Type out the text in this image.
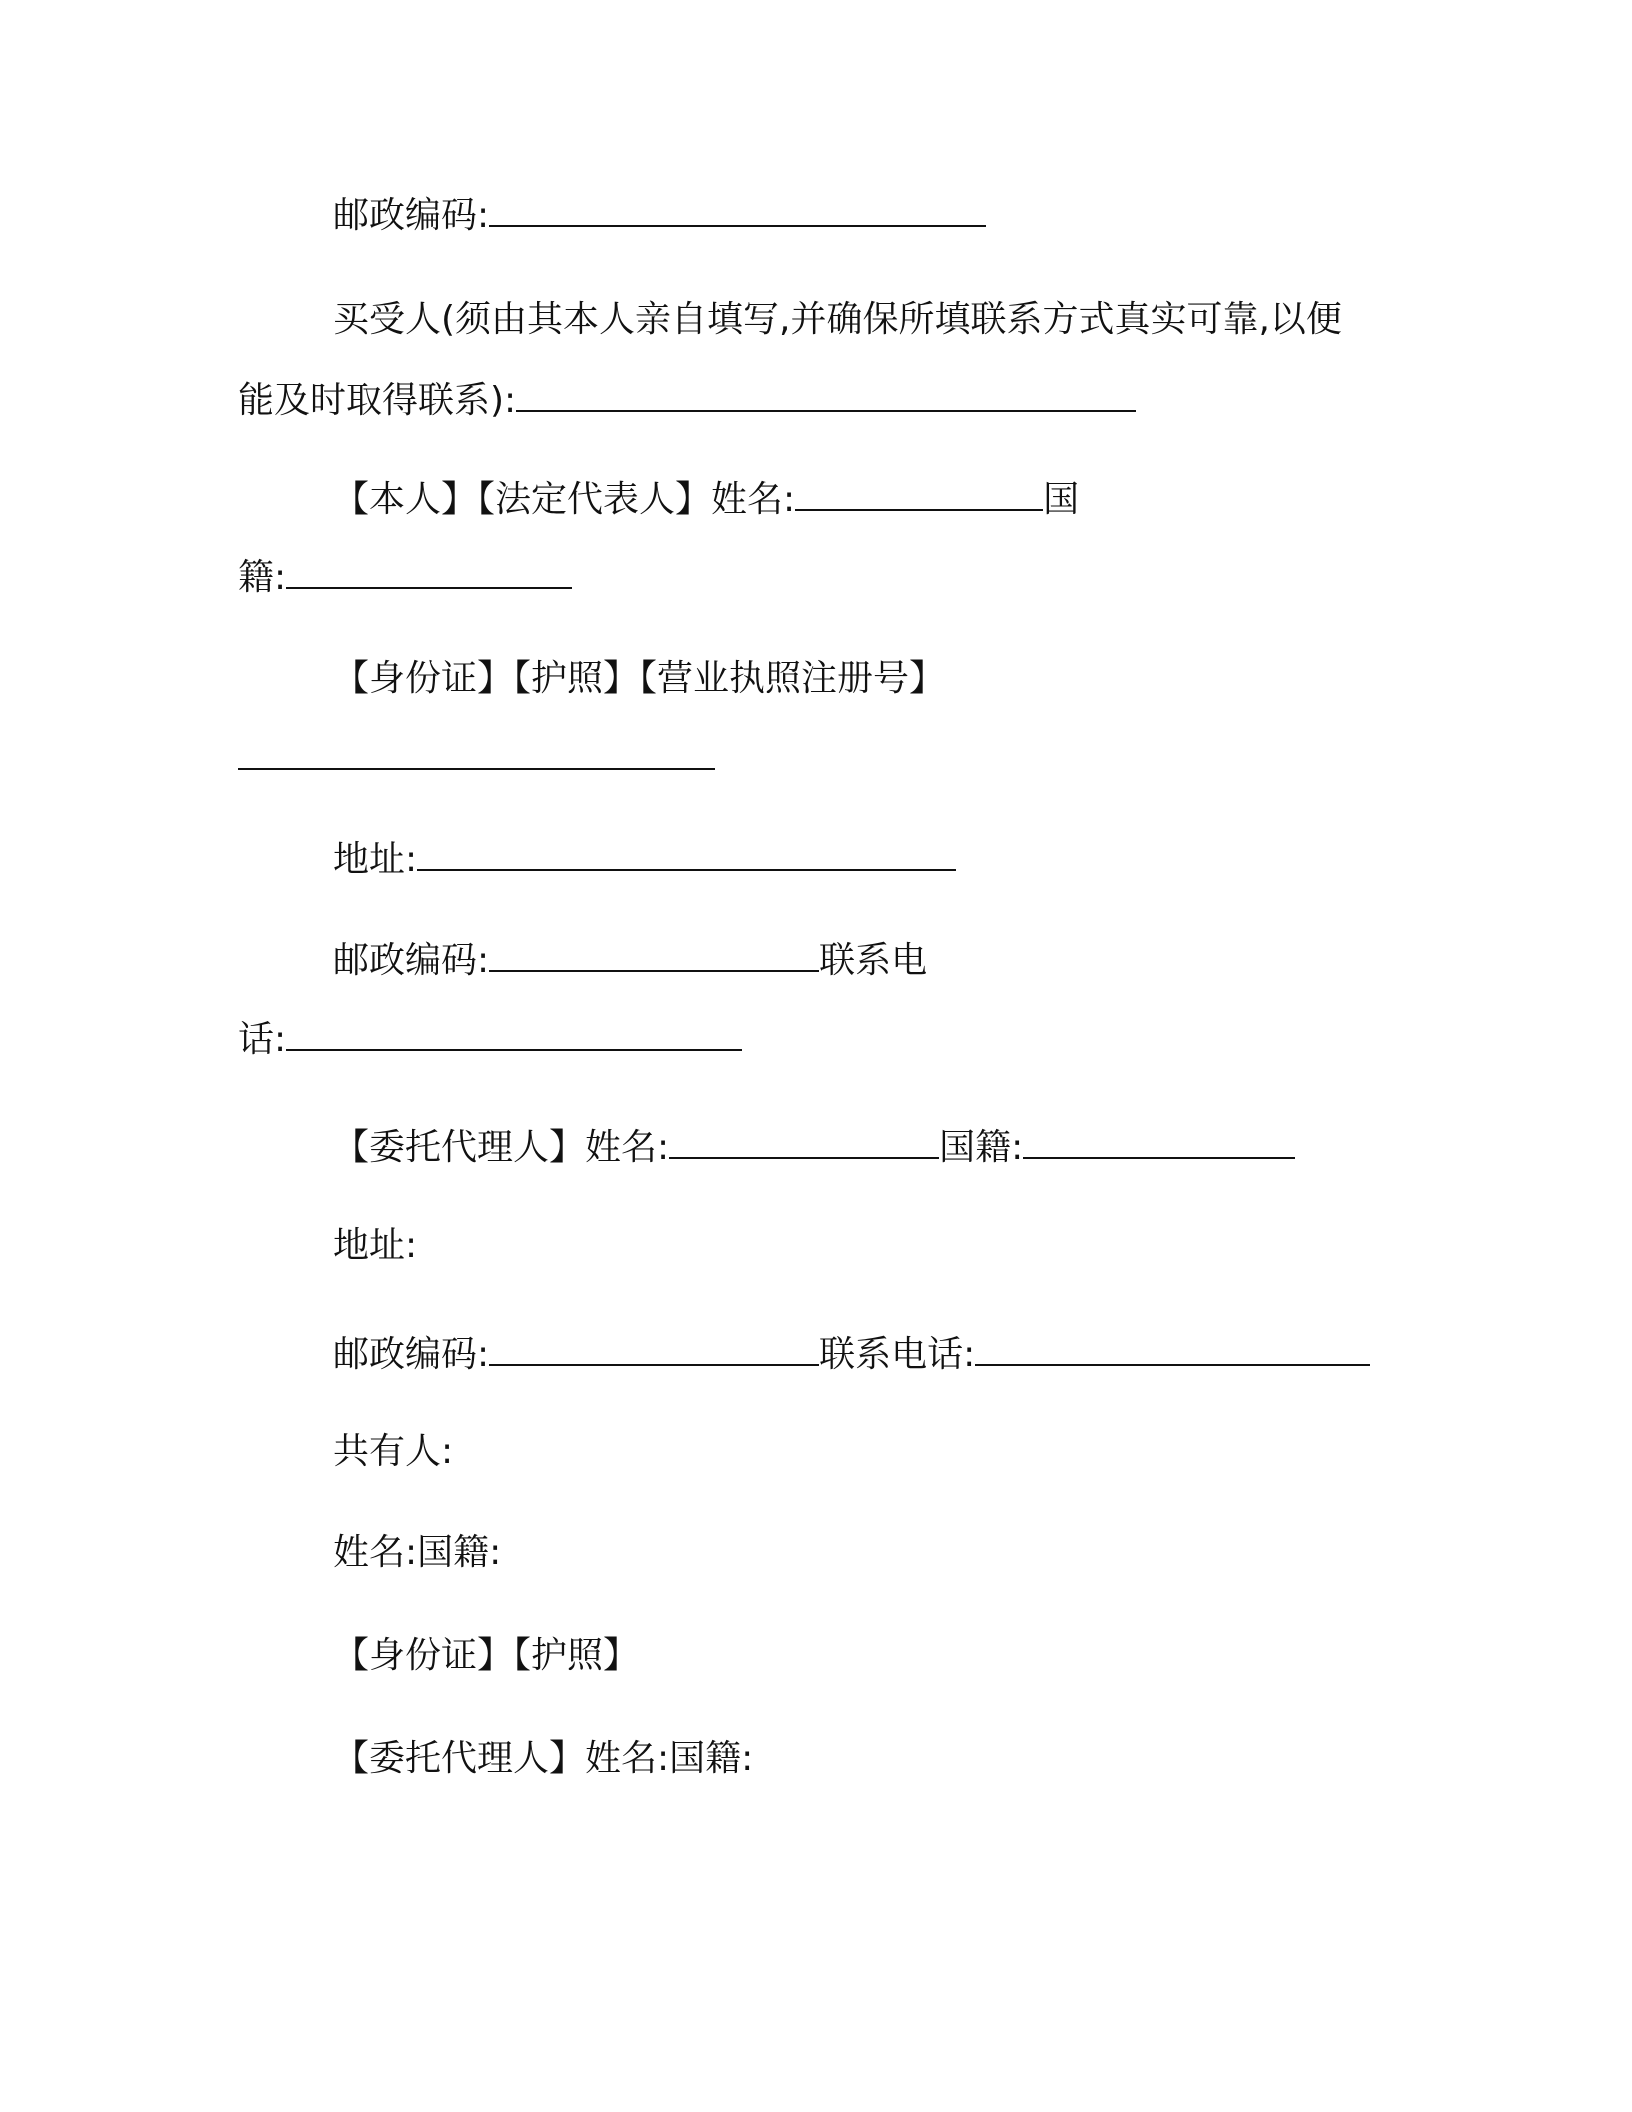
邮政编码:
买受人(须由其本人亲自填写,并确保所填联系方式真实可靠,以便
能及时取得联系):
【本人】【法定代表人】姓名:	国
籍:
【身份证】【护照】【营业执照注册号】
地址:
邮政编码:	联系电
话:
【委托代理人】姓名:	国籍:
地址:
邮政编码:	联系电话:
共有人:
姓名:国籍:
【身份证】【护照】
【委托代理人】姓名:国籍:
